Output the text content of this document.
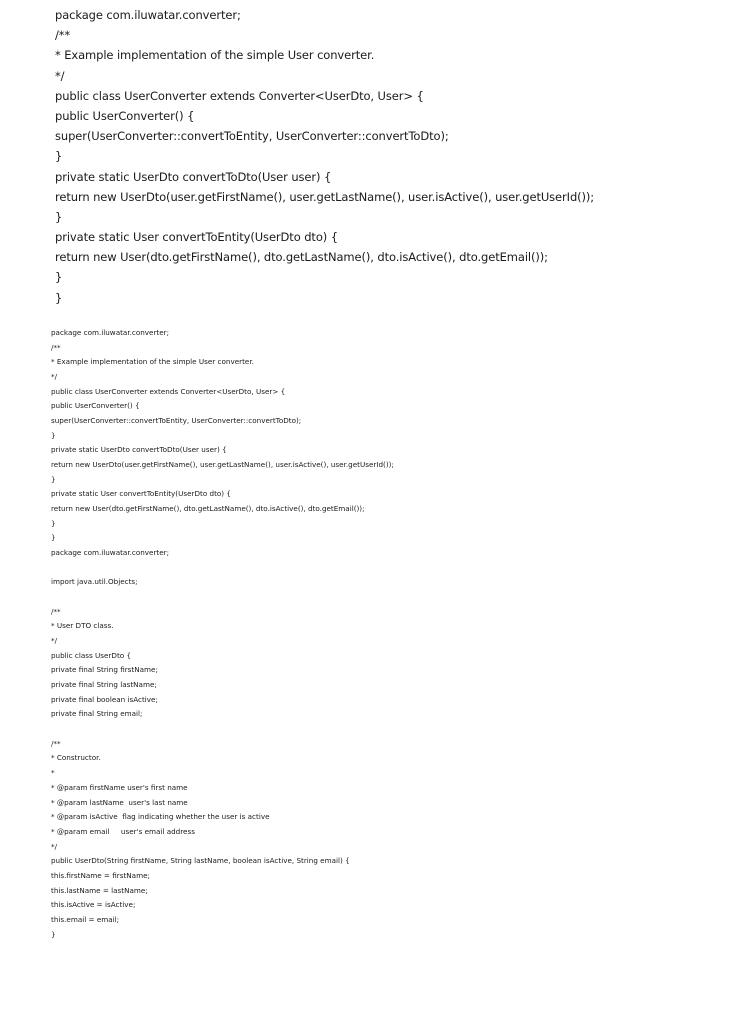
package com.iluwatar.converter;
/**
* Example implementation of the simple User converter.
*/
public class UserConverter extends Converter<UserDto, User> {
public UserConverter() {
super(UserConverter::convertToEntity, UserConverter::convertToDto);
}
private static UserDto convertToDto(User user) {
return new UserDto(user.getFirstName(), user.getLastName(), user.isActive(), user.getUserId());
}
private static User convertToEntity(UserDto dto) {
return new User(dto.getFirstName(), dto.getLastName(), dto.isActive(), dto.getEmail());
}
}
package com.iluwatar.converter;
/**
* Example implementation of the simple User converter.
*/
public class UserConverter extends Converter<UserDto, User> {
public UserConverter() {
super(UserConverter::convertToEntity, UserConverter::convertToDto);
}
private static UserDto convertToDto(User user) {
return new UserDto(user.getFirstName(), user.getLastName(), user.isActive(), user.getUserId());
}
private static User convertToEntity(UserDto dto) {
return new User(dto.getFirstName(), dto.getLastName(), dto.isActive(), dto.getEmail());
}
}
package com.iluwatar.converter;
import java.util.Objects;
/**
* User DTO class.
*/
public class UserDto {
private final String firstName;
private final String lastName;
private final boolean isActive;
private final String email;
/**
* Constructor.
*
* @param firstName user's first name
* @param lastName  user's last name
* @param isActive  flag indicating whether the user is active
* @param email     user's email address
*/
public UserDto(String firstName, String lastName, boolean isActive, String email) {
this.firstName = firstName;
this.lastName = lastName;
this.isActive = isActive;
this.email = email;
}
